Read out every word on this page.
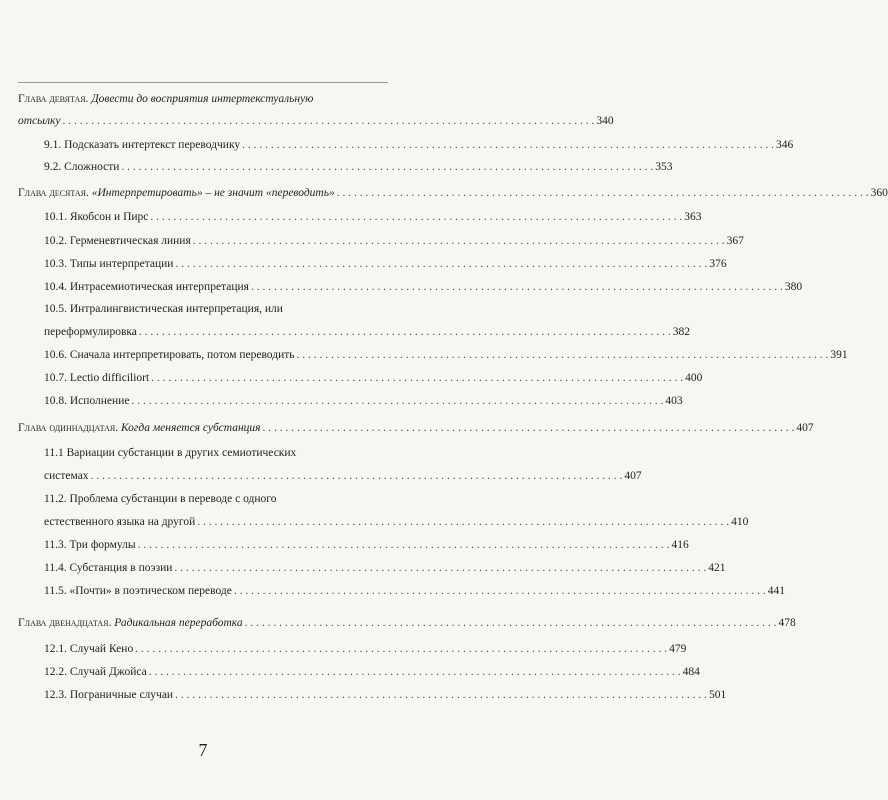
Глава девятая. Довести до восприятия интертекстуальную
отсылку . . .	340
9.1. Подсказать интертекст переводчику . . .	346
9.2. Сложности . . .	353
Глава десятая. «Интерпретировать» – не значит «переводить» . . .	360
10.1. Якобсон и Пирс . . .	363
10.2. Герменевтическая линия . . .	367
10.3. Типы интерпретации . . .	376
10.4. Интрасемиотическая интерпретация . . .	380
10.5. Интралингвистическая интерпретация, или
переформулировка . . .	382
10.6. Сначала интерпретировать, потом переводить . . .	391
10.7. Lectio difficiliort . . .	400
10.8. Исполнение . . .	403
Глава одиннадцатая. Когда меняется субстанция . . .	407
11.1 Вариации субстанции в других семиотических
системах . . .	407
11.2. Проблема субстанции в переводе с одного
естественного языка на другой . . .	410
11.3. Три формулы . . .	416
11.4. Субстанция в поэзии . . .	421
11.5. «Почти» в поэтическом переводе . . .	441
Глава двенадцатая. Радикальная переработка . . .	478
12.1. Случай Кено . . .	479
12.2. Случай Джойса . . .	484
12.3. Пограничные случаи . . .	501
7
